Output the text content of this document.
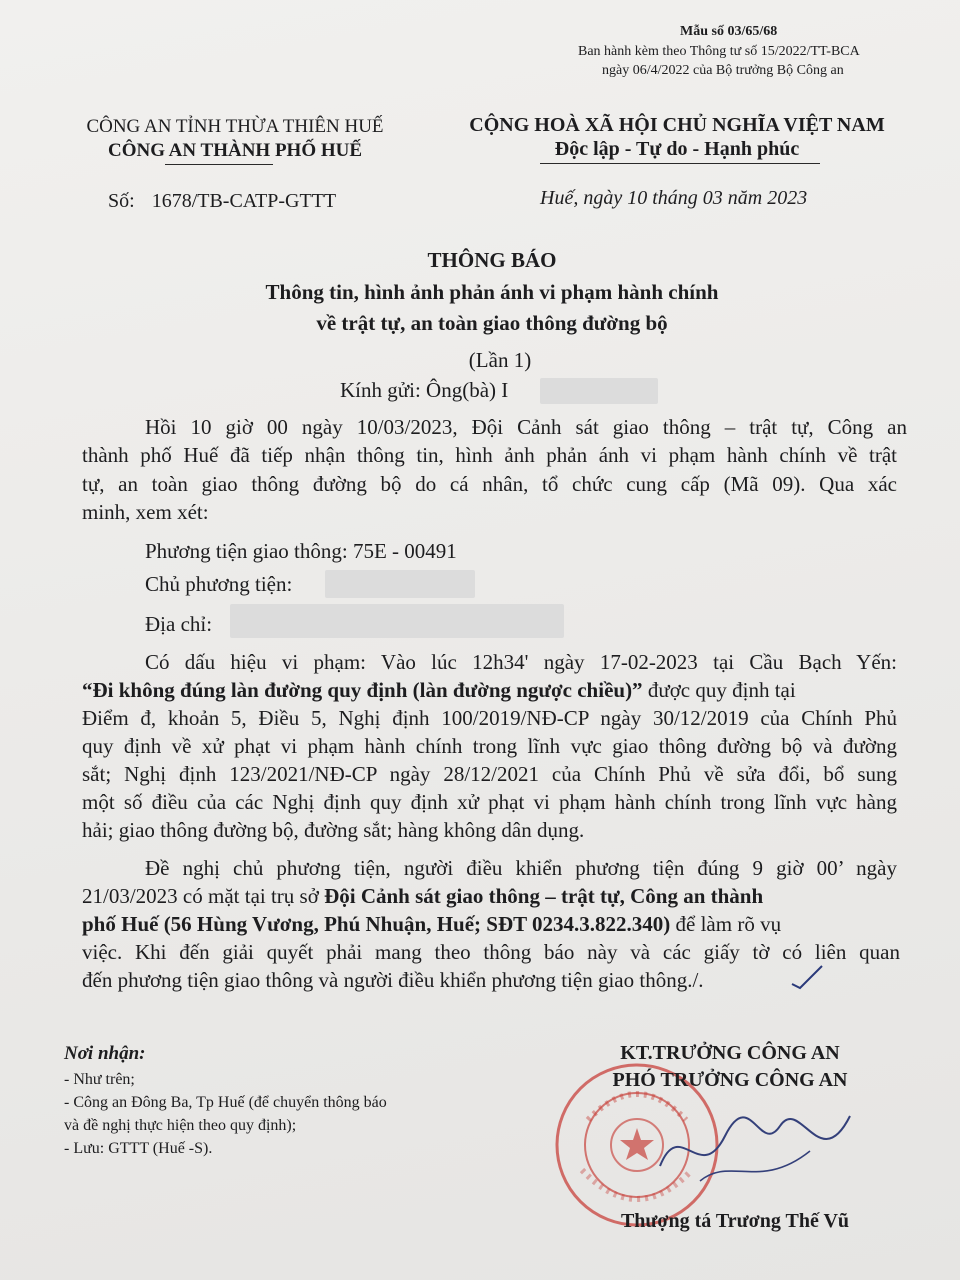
Mẫu số 03/65/68
Ban hành kèm theo Thông tư số 15/2022/TT-BCA
ngày 06/4/2022 của Bộ trưởng Bộ Công an
CÔNG AN TỈNH THỪA THIÊN HUẾ
CÔNG AN THÀNH PHỐ HUẾ
Số: 1678/TB-CATP-GTTT
CỘNG HOÀ XÃ HỘI CHỦ NGHĨA VIỆT NAM
Độc lập - Tự do - Hạnh phúc
Huế, ngày 10 tháng 03 năm 2023
THÔNG BÁO
Thông tin, hình ảnh phản ánh vi phạm hành chính
về trật tự, an toàn giao thông đường bộ
(Lần 1)
Kính gửi: Ông(bà) I
Hồi 10 giờ 00 ngày 10/03/2023, Đội Cảnh sát giao thông – trật tự, Công an
thành phố Huế đã tiếp nhận thông tin, hình ảnh phản ánh vi phạm hành chính về trật
tự, an toàn giao thông đường bộ do cá nhân, tổ chức cung cấp (Mã 09). Qua xác
minh, xem xét:
Phương tiện giao thông: 75E - 00491
Chủ phương tiện:
Địa chỉ:
Có dấu hiệu vi phạm: Vào lúc 12h34' ngày 17-02-2023 tại Cầu Bạch Yến:
“Đi không đúng làn đường quy định (làn đường ngược chiều)” được quy định tại
Điểm đ, khoản 5, Điều 5, Nghị định 100/2019/NĐ-CP ngày 30/12/2019 của Chính Phủ
quy định về xử phạt vi phạm hành chính trong lĩnh vực giao thông đường bộ và đường
sắt; Nghị định 123/2021/NĐ-CP ngày 28/12/2021 của Chính Phủ về sửa đổi, bổ sung
một số điều của các Nghị định quy định xử phạt vi phạm hành chính trong lĩnh vực hàng
hải; giao thông đường bộ, đường sắt; hàng không dân dụng.
Đề nghị chủ phương tiện, người điều khiển phương tiện đúng 9 giờ 00’ ngày
21/03/2023 có mặt tại trụ sở Đội Cảnh sát giao thông – trật tự, Công an thành
phố Huế (56 Hùng Vương, Phú Nhuận, Huế; SĐT 0234.3.822.340) để làm rõ vụ
việc. Khi đến giải quyết phải mang theo thông báo này và các giấy tờ có liên quan
đến phương tiện giao thông và người điều khiển phương tiện giao thông./.
Nơi nhận:
- Như trên;
- Công an Đông Ba, Tp Huế (để chuyển thông báo
và đề nghị thực hiện theo quy định);
- Lưu: GTTT (Huế -S).
KT.TRƯỞNG CÔNG AN
PHÓ TRƯỞNG CÔNG AN
Thượng tá Trương Thế Vũ
